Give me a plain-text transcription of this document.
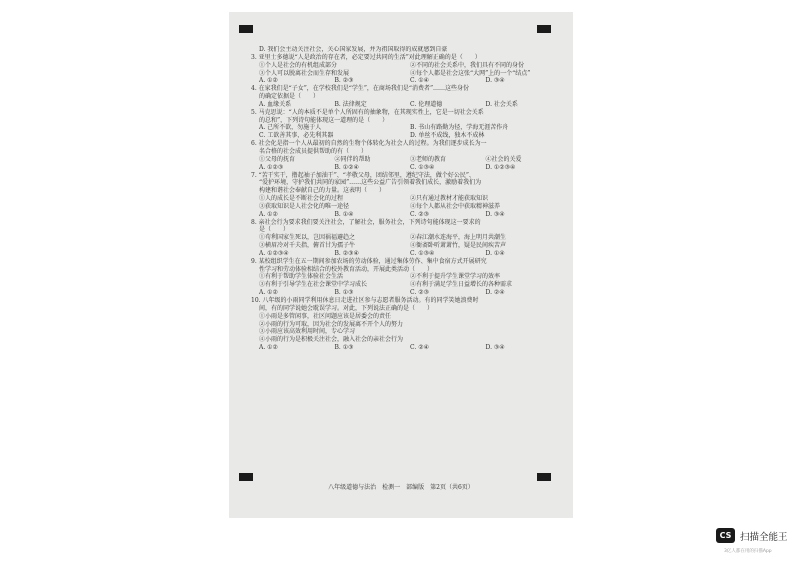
D. 我们会主动关注社会，关心国家发展，并为祖国取得的成就感到自豪
3. 亚里士多德说“人是政治的存在者，必定要过共同的生活”对此理解正确的是（　　）
①个人是社会的有机组成部分	②不同的社会关系中，我们具有不同的身份
③个人可以脱离社会而生存和发展	④每个人都是社会这张“大网”上的一个“结点”
A. ①②	B. ②③	C. ①④	D. ③④
4. 在家我们是“子女”，在学校我们是“学生”，在商场我们是“消费者”……这些身份
的确定依据是（　　）
A. 血缘关系	B. 法律规定	C. 伦理道德	D. 社会关系
5. 马克思说：“人的本质不是单个人所固有的抽象物，在其现实性上，它是一切社会关系
的总和”，下列诗句能体现这一道理的是（　　）
A. 己所不欲，勿施于人	B. 书山有路勤为径，学海无涯苦作舟
C. 工欲善其事，必先利其器	D. 单丝不成线，独木不成林
6. 社会化是指一个人从最初的自然的生物个体转化为社会人的过程。为我们逐步成长为一
名合格的社会成员提供帮助的有（　　）
①父母的抚育	②同伴的帮助	③老师的教育	④社会的关爱
A. ①②③	B. ①②④	C. ①③④	D. ①②③④
7. “苦干实干，撸起袖子加油干”、“孝敬父母，团结邻里，遵纪守法，做个好公民”、
“爱护环境，守护我们共同的家园”……这些公益广告引领着我们成长，激励着我们为
构建和谐社会奉献自己的力量。这表明（　　）
①人的成长是不断社会化的过程	②只有通过教材才能获取知识
③获取知识是人社会化的唯一途径	④每个人都从社会中获取精神滋养
A. ①②	B. ①④	C. ②③	D. ③④
8. 亲社会行为要求我们要关注社会，了解社会，服务社会，下列诗句能体现这一要求的
是（　　）
①苟利国家生死以，岂因祸福避趋之	②春江潮水连海平，海上明月共潮生
③横眉冷对千夫指，俯首甘为孺子牛	④衙斋卧听萧萧竹，疑是民间疾苦声
A. ①②③④	B. ②③④	C. ①③④	D. ①④
9. 某校组织学生在五一期间参加农场的劳动体验，通过集体劳作、集中食宿方式开展研究
性学习和劳动体验相结合的校外教育活动，开展此类活动（　　）
①有利于帮助学生体验社会生活	②不利于提升学生课堂学习的效率
③有利于引导学生在社会课堂中学习成长	④有利于满足学生日益增长的各种需求
A. ①②	B. ①③	C. ②③	D. ②④
10. 八年级的小雨同学利用休息日走进社区参与志愿者服务活动。有的同学笑她浪费时
间，有的同学说她会耽误学习。对此，下列说法正确的是（　　）
①小雨是多管闲事，社区问题应该是居委会的责任
②小雨的行为可取，因为社会的发展离不开个人的努力
③小雨应该高效利用时间，专心学习
④小雨的行为是积极关注社会，融入社会的亲社会行为
A. ①②	B. ①③	C. ②④	D. ③④
八年级道德与法治　检测一　部编版　第2页（共6页）
CS 扫描全能王
3亿人都在用的扫描App
